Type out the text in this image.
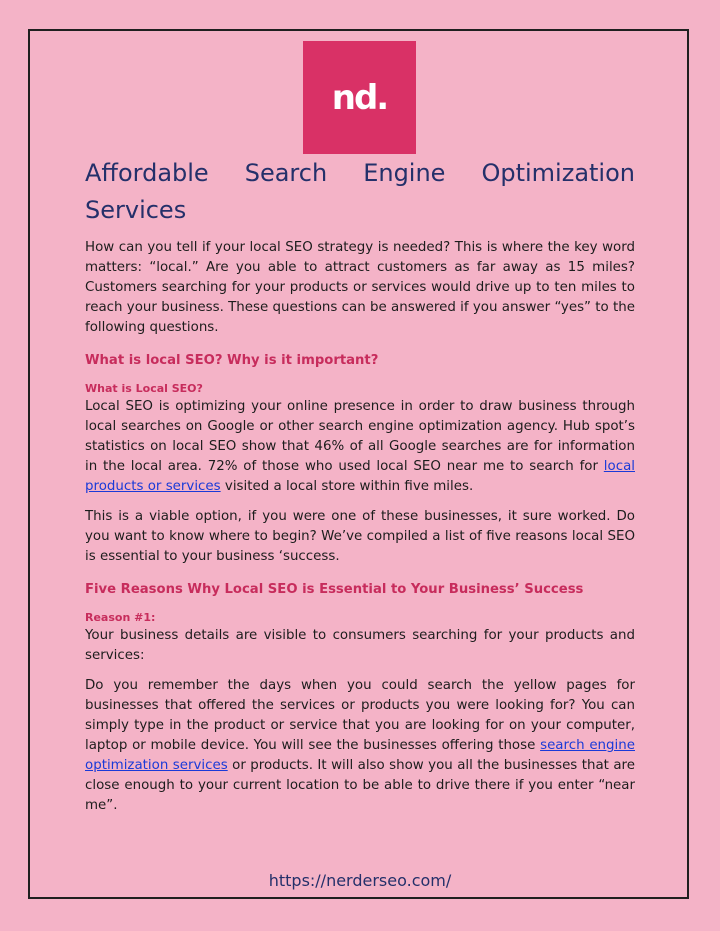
nd.
Affordable Search Engine Optimization
Services

How can you tell if your local SEO strategy is needed? This is where the key word matters: “local.” Are you able to attract customers as far away as 15 miles? Customers searching for your products or services would drive up to ten miles to reach your business. These questions can be answered if you answer “yes” to the following questions.

What is local SEO? Why is it important?
What is Local SEO?

Local SEO is optimizing your online presence in order to draw business through local searches on Google or other search engine optimization agency. Hub spot’s statistics on local SEO show that 46% of all Google searches are for information in the local area. 72% of those who used local SEO near me to search for local products or services visited a local store within five miles.

This is a viable option, if you were one of these businesses, it sure worked. Do you want to know where to begin? We’ve compiled a list of five reasons local SEO is essential to your business ‘success.

Five Reasons Why Local SEO is Essential to Your Business’ Success
Reason #1:

Your business details are visible to consumers searching for your products and services:

Do you remember the days when you could search the yellow pages for businesses that offered the services or products you were looking for? You can simply type in the product or service that you are looking for on your computer, laptop or mobile device. You will see the businesses offering those search engine optimization services or products. It will also show you all the businesses that are close enough to your current location to be able to drive there if you enter “near me”.

https://nerderseo.com/
